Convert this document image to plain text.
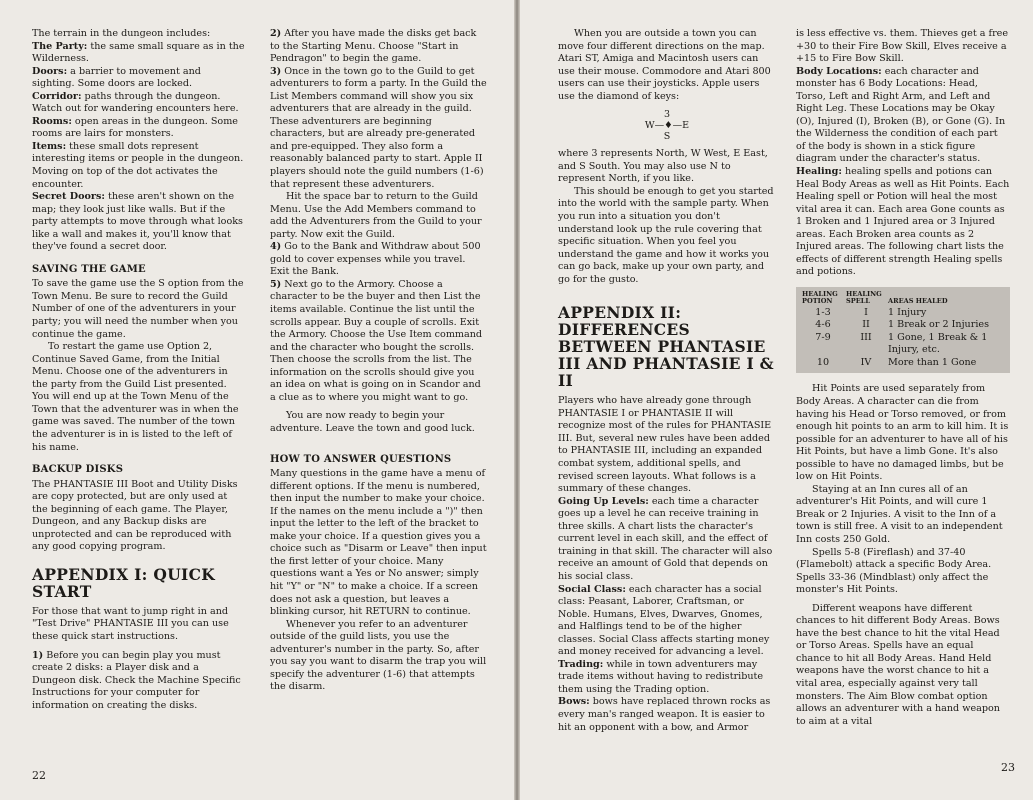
The terrain in the dungeon includes:

The Party: the same small square as in the Wilderness.

Doors: a barrier to movement and sighting. Some doors are locked.

Corridor: paths through the dungeon. Watch out for wandering encounters here.

Rooms: open areas in the dungeon. Some rooms are lairs for monsters.

Items: these small dots represent interesting items or people in the dungeon. Moving on top of the dot activates the encounter.

Secret Doors: these aren't shown on the map; they look just like walls. But if the party attempts to move through what looks like a wall and makes it, you'll know that they've found a secret door.

SAVING THE GAME

To save the game use the S option from the Town Menu. Be sure to record the Guild Number of one of the adventurers in your party; you will need the number when you continue the game.

To restart the game use Option 2, Continue Saved Game, from the Initial Menu. Choose one of the adventurers in the party from the Guild List presented. You will end up at the Town Menu of the Town that the adventurer was in when the game was saved. The number of the town the adventurer is in is listed to the left of his name.

BACKUP DISKS

The PHANTASIE III Boot and Utility Disks are copy protected, but are only used at the beginning of each game. The Player, Dungeon, and any Backup disks are unprotected and can be reproduced with any good copying program.

APPENDIX I: QUICK START

For those that want to jump right in and "Test Drive" PHANTASIE III you can use these quick start instructions.

1) Before you can begin play you must create 2 disks: a Player disk and a Dungeon disk. Check the Machine Specific Instructions for your computer for information on creating the disks.

2) After you have made the disks get back to the Starting Menu. Choose "Start in Pendragon" to begin the game.

3) Once in the town go to the Guild to get adventurers to form a party. In the Guild the List Members command will show you six adventurers that are already in the guild. These adventurers are beginning characters, but are already pre-generated and pre-equipped. They also form a reasonably balanced party to start. Apple II players should note the guild numbers (1-6) that represent these adventurers.

Hit the space bar to return to the Guild Menu. Use the Add Members command to add the Adventurers from the Guild to your party. Now exit the Guild.

4) Go to the Bank and Withdraw about 500 gold to cover expenses while you travel. Exit the Bank.

5) Next go to the Armory. Choose a character to be the buyer and then List the items available. Continue the list until the scrolls appear. Buy a couple of scrolls. Exit the Armory. Choose the Use Item command and the character who bought the scrolls. Then choose the scrolls from the list. The information on the scrolls should give you an idea on what is going on in Scandor and a clue as to where you might want to go.

You are now ready to begin your adventure. Leave the town and good luck.

HOW TO ANSWER QUESTIONS

Many questions in the game have a menu of different options. If the menu is numbered, then input the number to make your choice. If the names on the menu include a ")" then input the letter to the left of the bracket to make your choice. If a question gives you a choice such as "Disarm or Leave" then input the first letter of your choice. Many questions want a Yes or No answer; simply hit "Y" or "N" to make a choice. If a screen does not ask a question, but leaves a blinking cursor, hit RETURN to continue.

Whenever you refer to an adventurer outside of the guild lists, you use the adventurer's number in the party. So, after you say you want to disarm the trap you will specify the adventurer (1-6) that attempts the disarm.

22

When you are outside a town you can move four different directions on the map. Atari ST, Amiga and Macintosh users can use their mouse. Commodore and Atari 800 users can use their joysticks. Apple users use the diamond of keys:

3
W—♦—E
S

where 3 represents North, W West, E East, and S South. You may also use N to represent North, if you like.

This should be enough to get you started into the world with the sample party. When you run into a situation you don't understand look up the rule covering that specific situation. When you feel you understand the game and how it works you can go back, make up your own party, and go for the gusto.

APPENDIX II: DIFFERENCES BETWEEN PHANTASIE III AND PHANTASIE I & II

Players who have already gone through PHANTASIE I or PHANTASIE II will recognize most of the rules for PHANTASIE III. But, several new rules have been added to PHANTASIE III, including an expanded combat system, additional spells, and revised screen layouts. What follows is a summary of these changes.

Going Up Levels: each time a character goes up a level he can receive training in three skills. A chart lists the character's current level in each skill, and the effect of training in that skill. The character will also receive an amount of Gold that depends on his social class.

Social Class: each character has a social class: Peasant, Laborer, Craftsman, or Noble. Humans, Elves, Dwarves, Gnomes, and Halflings tend to be of the higher classes. Social Class affects starting money and money received for advancing a level.

Trading: while in town adventurers may trade items without having to redistribute them using the Trading option.

Bows: bows have replaced thrown rocks as every man's ranged weapon. It is easier to hit an opponent with a bow, and Armor

is less effective vs. them. Thieves get a free +30 to their Fire Bow Skill, Elves receive a +15 to Fire Bow Skill.

Body Locations: each character and monster has 6 Body Locations: Head, Torso, Left and Right Arm, and Left and Right Leg. These Locations may be Okay (O), Injured (I), Broken (B), or Gone (G). In the Wilderness the condition of each part of the body is shown in a stick figure diagram under the character's status.

Healing: healing spells and potions can Heal Body Areas as well as Hit Points. Each Healing spell or Potion will heal the most vital area it can. Each area Gone counts as 1 Broken and 1 Injured area or 3 Injured areas. Each Broken area counts as 2 Injured areas. The following chart lists the effects of different strength Healing spells and potions.

HEALING POTION	HEALING SPELL	AREAS HEALED
1-3	I	1 Injury
4-6	II	1 Break or 2 Injuries
7-9	III	1 Gone, 1 Break & 1 Injury, etc.
10	IV	More than 1 Gone

Hit Points are used separately from Body Areas. A character can die from having his Head or Torso removed, or from enough hit points to an arm to kill him. It is possible for an adventurer to have all of his Hit Points, but have a limb Gone. It's also possible to have no damaged limbs, but be low on Hit Points.

Staying at an Inn cures all of an adventurer's Hit Points, and will cure 1 Break or 2 Injuries. A visit to the Inn of a town is still free. A visit to an independent Inn costs 250 Gold.

Spells 5-8 (Fireflash) and 37-40 (Flamebolt) attack a specific Body Area. Spells 33-36 (Mindblast) only affect the monster's Hit Points.

Different weapons have different chances to hit different Body Areas. Bows have the best chance to hit the vital Head or Torso Areas. Spells have an equal chance to hit all Body Areas. Hand Held weapons have the worst chance to hit a vital area, especially against very tall monsters. The Aim Blow combat option allows an adventurer with a hand weapon to aim at a vital

23
